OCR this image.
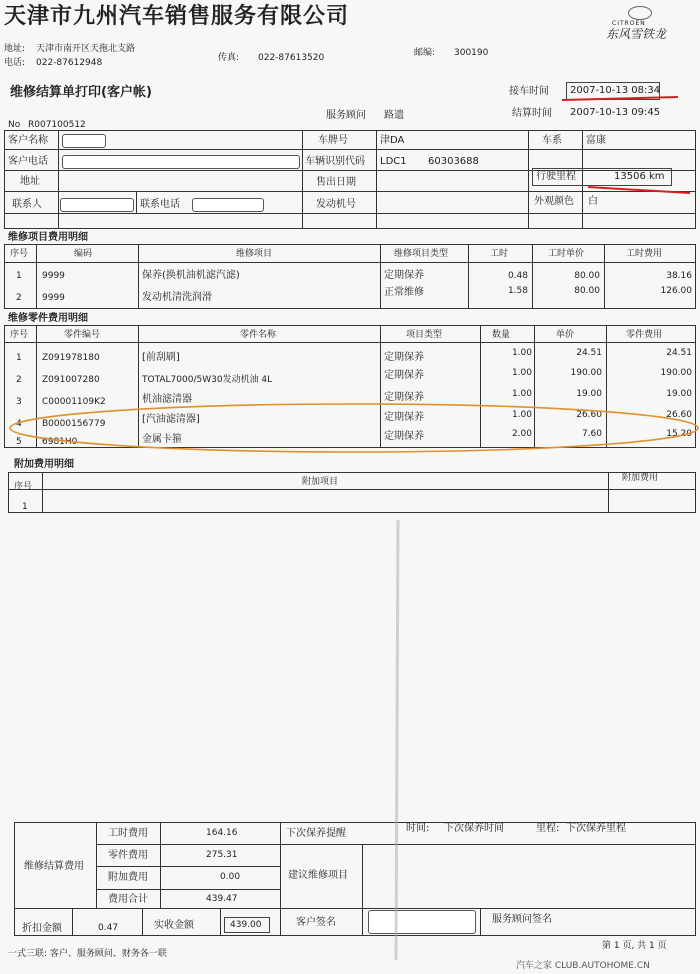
天津市九州汽车销售服务有限公司
地址: 天津市南开区天拖北支路
电话: 022-87612948	传真: 022-87613520	邮编: 300190
CITROEN
东风雪铁龙
维修结算单打印(客户帐)	接车时间 2007-10-13 08:34
No R007100512
服务顾问 路遗	结算时间 2007-10-13 09:45
客户名称
客户电话
地址
联系人	联系电话
车牌号	津DA
车辆识别代码 LDC1 60303688
售出日期
发动机号
车系 富康
行驶里程	13506 km
外观颜色 白
维修项目费用明细
序号	编码	维修项目	维修项目类型	工时	工时单价	工时费用
1 9999	保养(换机油机滤汽滤)	定期保养	0.48	80.00	38.16
2 9999	发动机清洗润滑	正常维修	1.58	80.00	126.00
维修零件费用明细
序号	零件编号	零件名称	项目类型	数量	单价	零件费用
1 Z091978180	[前刮刷]	定期保养	1.00	24.51	24.51
2 Z091007280	TOTAL7000/5W30发动机油 4L	定期保养	1.00	190.00	190.00
3 C00001109K2	机油滤清器	定期保养	1.00	19.00	19.00
4 B0000156779	[汽油滤清器]	定期保养	1.00	26.60	26.60
5 6981H0	金属卡箍	定期保养	2.00	7.60	15.20
附加费用明细
序号	附加项目	附加费用
1
维修结算费用
工时费用	164.16
零件费用	275.31
附加费用	0.00
费用合计	439.47
下次保养提醒	时间: 下次保养时间	里程: 下次保养里程
建议维修项目
折扣金额	0.47	实收金额	439.00	客户签名	服务顾问签名
一式三联: 客户、服务顾问、财务各一联
第 1 页, 共 1 页
汽车之家 CLUB.AUTOHOME.CN
